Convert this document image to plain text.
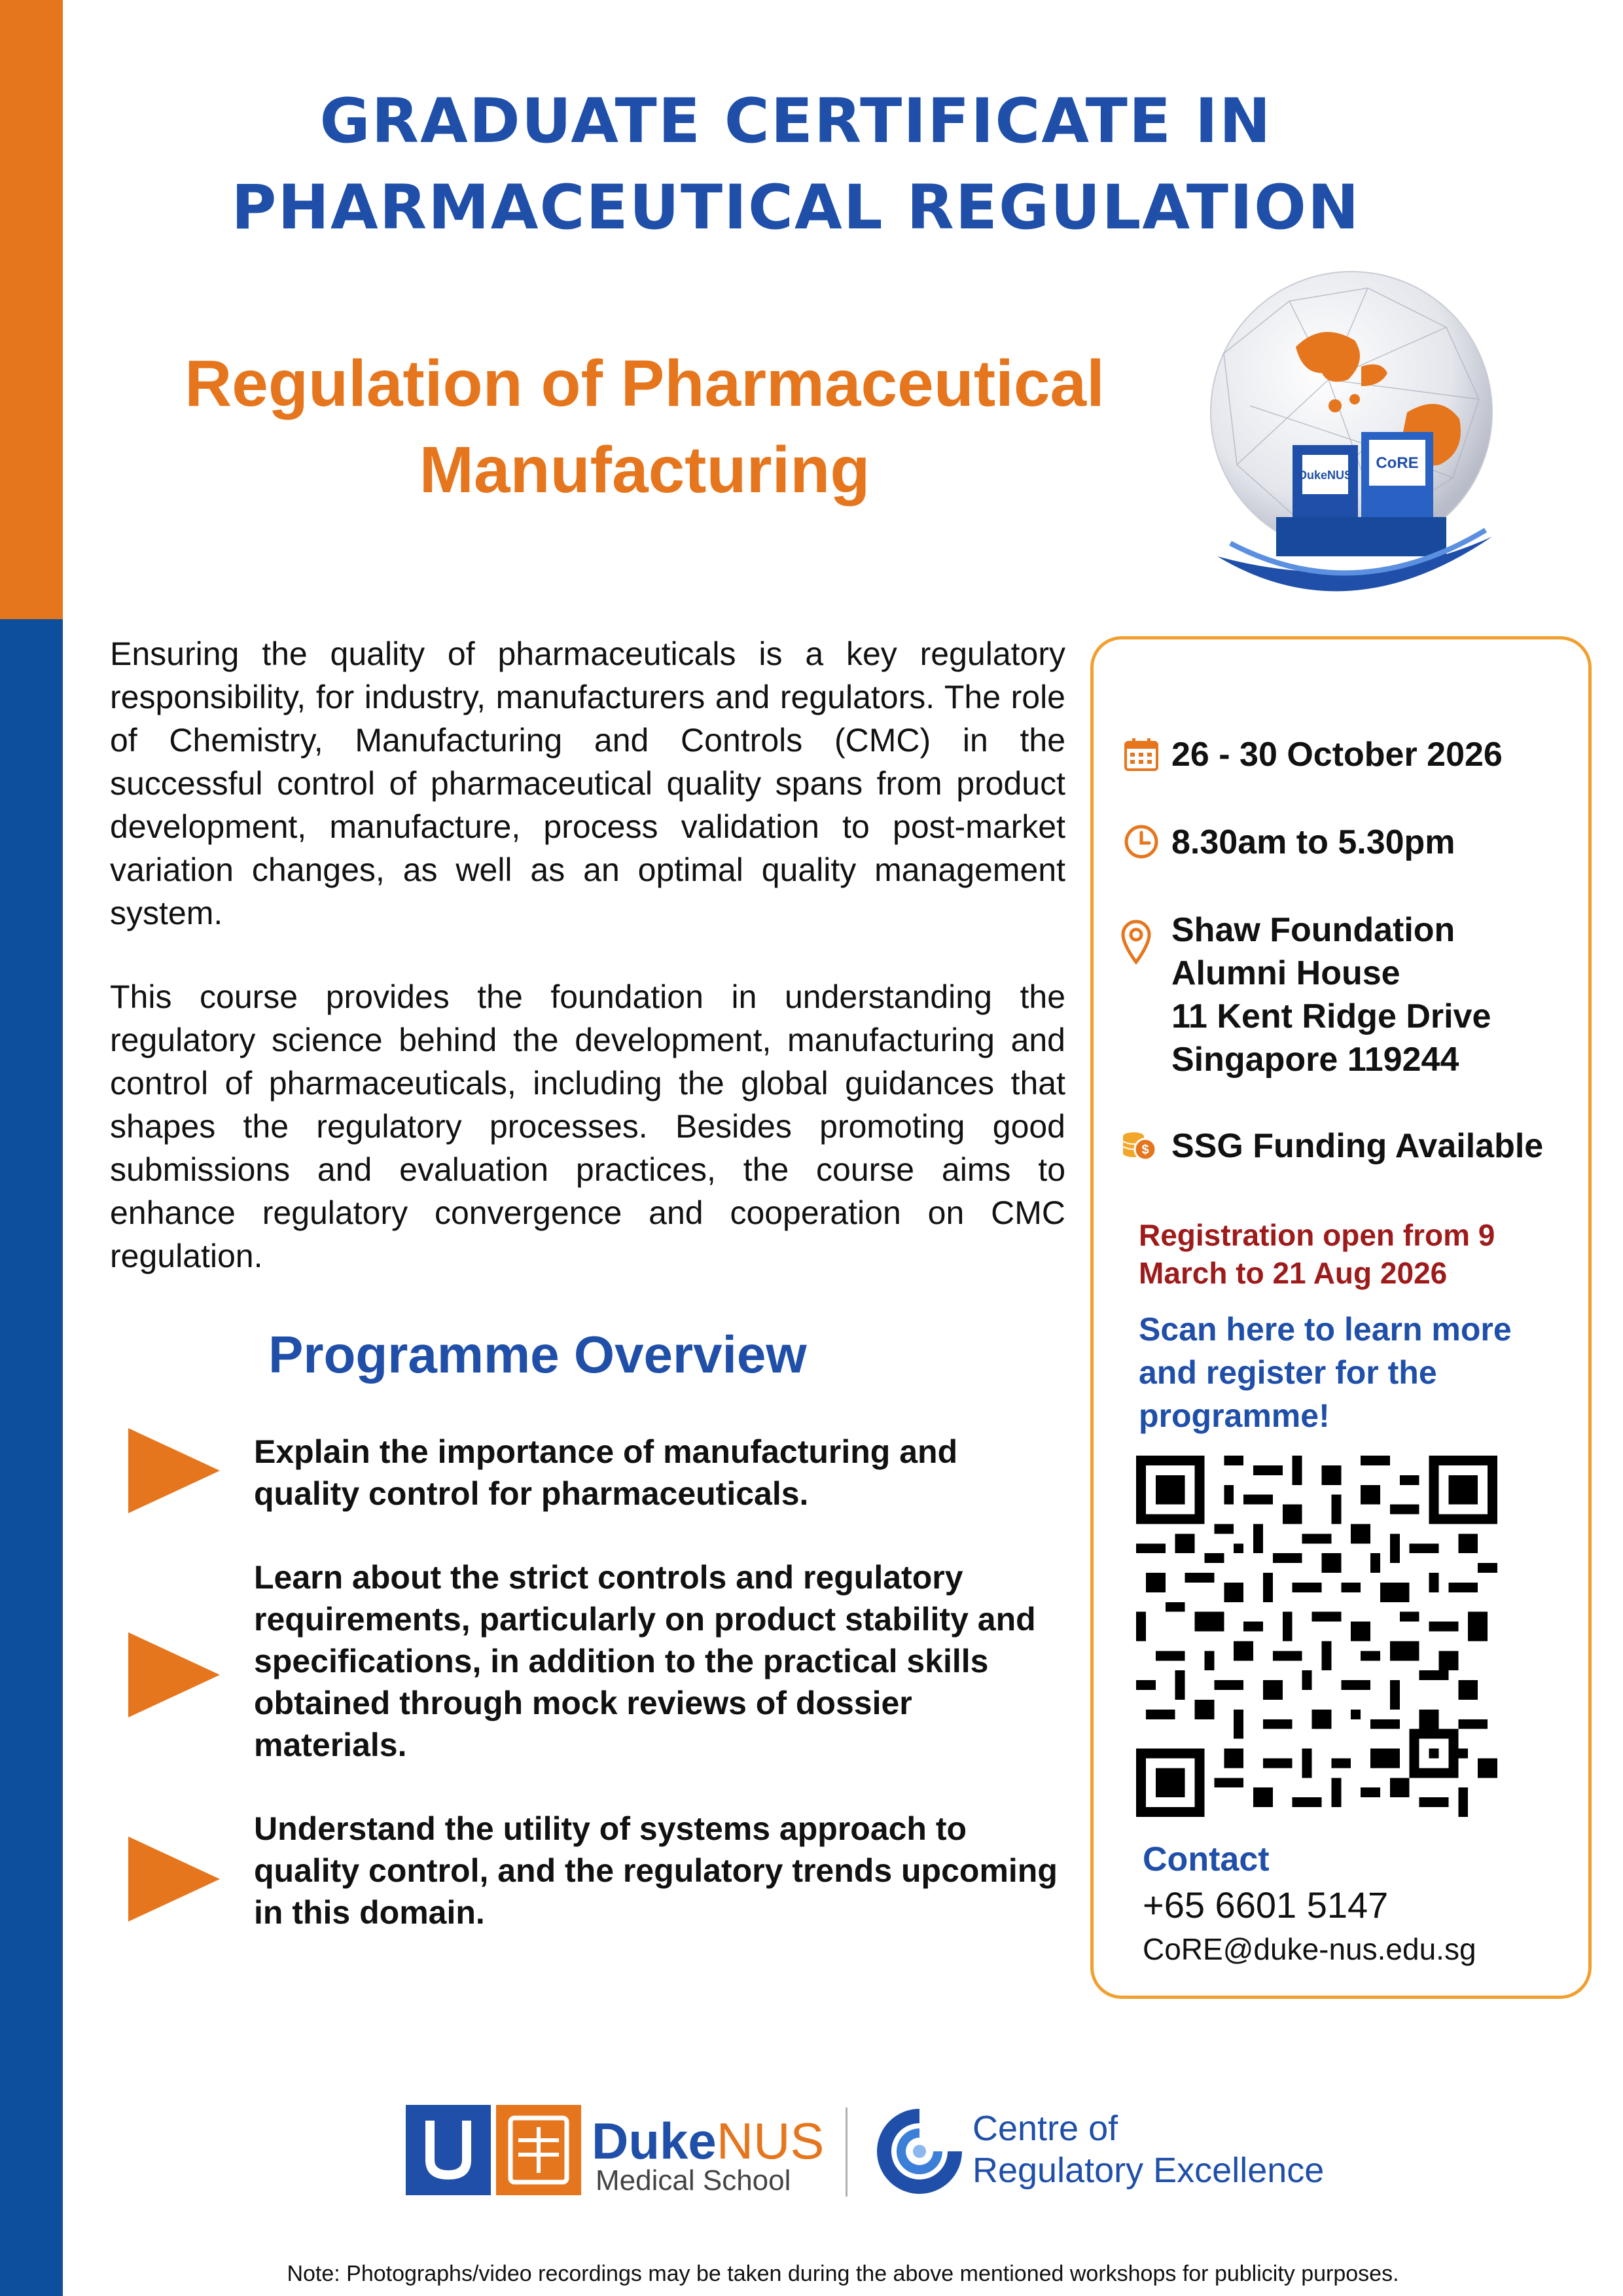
GRADUATE CERTIFICATE IN PHARMACEUTICAL REGULATION
Regulation of Pharmaceutical Manufacturing	DukeNUS
CoRE
Ensuring the quality of pharmaceuticals is a key regulatory responsibility, for industry, manufacturers and regulators. The role of Chemistry, Manufacturing and Controls (CMC) in the successful control of pharmaceutical quality spans from product development, manufacture, process validation to post-market variation changes, as well as an optimal quality management system.
This course provides the foundation in understanding the regulatory science behind the development, manufacturing and control of pharmaceuticals, including the global guidances that shapes the regulatory processes. Besides promoting good submissions and evaluation practices, the course aims to enhance regulatory convergence and cooperation on CMC regulation.
Programme Overview
Explain the importance of manufacturing and quality control for pharmaceuticals.
Learn about the strict controls and regulatory requirements, particularly on product stability and specifications, in addition to the practical skills obtained through mock reviews of dossier materials.
Understand the utility of systems approach to quality control, and the regulatory trends upcoming in this domain.
$
26 - 30 October 2026
8.30am to 5.30pm
Shaw Foundation
Alumni House
11 Kent Ridge Drive
Singapore 119244
SSG Funding Available
Registration open from 9 March to 21 Aug 2026
Scan here to learn more and register for the programme!
Contact
+65 6601 5147
CoRE@duke-nus.edu.sg
DukeNUS
Medical School
Centre of
Regulatory Excellence
Note: Photographs/video recordings may be taken during the above mentioned workshops for publicity purposes.
